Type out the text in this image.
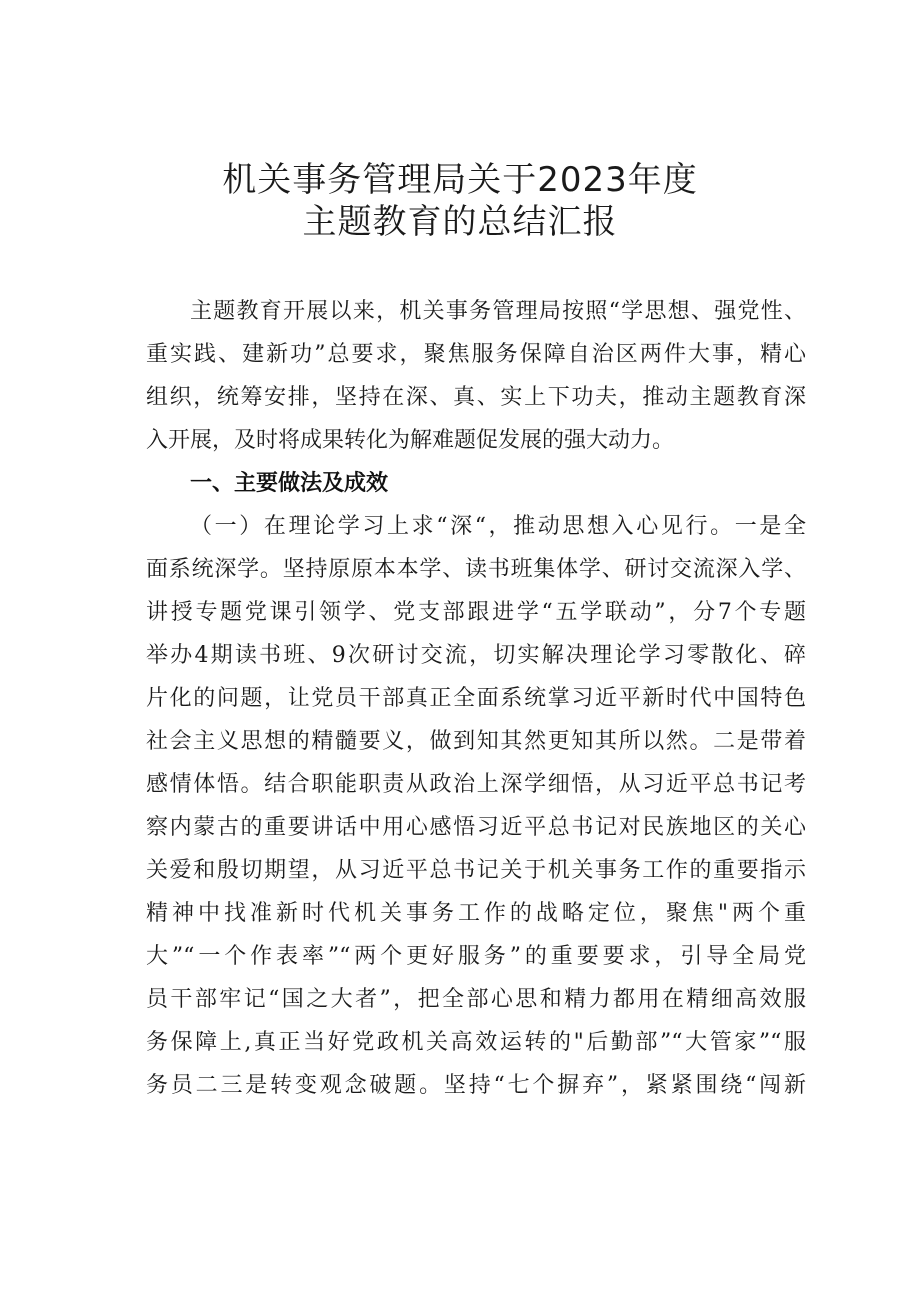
机关事务管理局关于2023年度
主题教育的总结汇报
主题教育开展以来，机关事务管理局按照“学思想、强党性、
重实践、建新功”总要求，聚焦服务保障自治区两件大事，精心
组织，统筹安排，坚持在深、真、实上下功夫，推动主题教育深
入开展，及时将成果转化为解难题促发展的强大动力。
一、主要做法及成效
（一）在理论学习上求“深“，推动思想入心见行。一是全
面系统深学。坚持原原本本学、读书班集体学、研讨交流深入学、
讲授专题党课引领学、党支部跟进学“五学联动”，分7个专题
举办4期读书班、9次研讨交流，切实解决理论学习零散化、碎
片化的问题，让党员干部真正全面系统掌习近平新时代中国特色
社会主义思想的精髓要义，做到知其然更知其所以然。二是带着
感情体悟。结合职能职责从政治上深学细悟，从习近平总书记考
察内蒙古的重要讲话中用心感悟习近平总书记对民族地区的关心
关爱和殷切期望，从习近平总书记关于机关事务工作的重要指示
精神中找准新时代机关事务工作的战略定位，聚焦"两个重
大”“一个作表率”“两个更好服务”的重要要求，引导全局党
员干部牢记“国之大者”，把全部心思和精力都用在精细高效服
务保障上,真正当好党政机关高效运转的"后勤部”“大管家”“服
务员二三是转变观念破题。坚持“七个摒弃”，紧紧围绕“闯新
